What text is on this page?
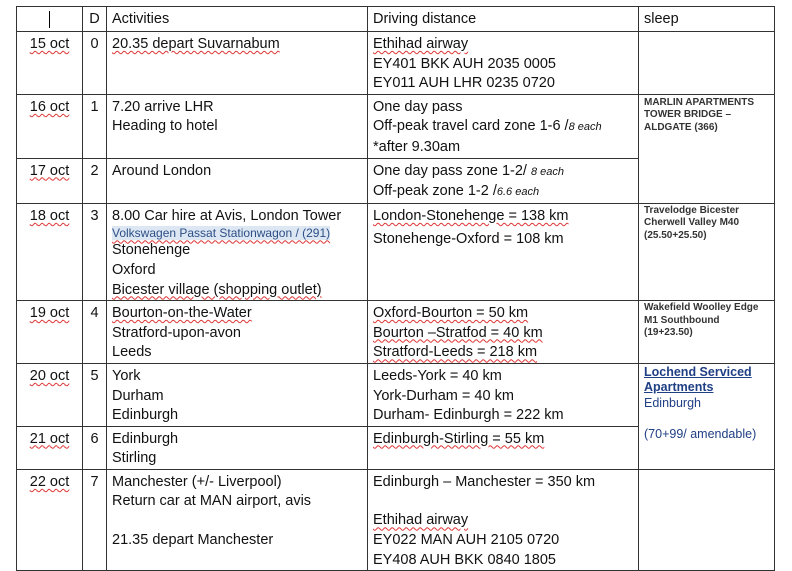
	D	Activities	Driving distance	sleep
15 oct	0	20.35 depart Suvarnabum	Ethihad airway
EY401 BKK AUH 2035 0005
EY011 AUH LHR 0235 0720	

16 oct	1	7.20 arrive LHR
Heading to hotel	One day pass
Off-peak travel card zone 1-6 /8 each
*after 9.30am	MARLIN APARTMENTS TOWER BRIDGE – ALDGATE (366)

17 oct	2	Around London	One day pass zone 1-2/ 8 each
Off-peak zone 1-2 /6.6 each	

18 oct	3	8.00 Car hire at Avis, London Tower
Volkswagen Passat Stationwagon / (291)
Stonehenge
Oxford
Bicester village (shopping outlet)	London-Stonehenge = 138 km
Stonehenge-Oxford = 108 km	Travelodge Bicester Cherwell Valley M40 (25.50+25.50)

19 oct	4	Bourton-on-the-Water
Stratford-upon-avon
Leeds	Oxford-Bourton = 50 km
Bourton –Stratfod = 40 km
Stratford-Leeds = 218 km	Wakefield Woolley Edge M1 Southbound (19+23.50)

20 oct	5	York
Durham
Edinburgh	Leeds-York = 40 km
York-Durham = 40 km
Durham- Edinburgh = 222 km	Lochend Serviced Apartments
Edinburgh

(70+99/ amendable)

21 oct	6	Edinburgh
Stirling	Edinburgh-Stirling = 55 km	

22 oct	7	Manchester (+/- Liverpool)
Return car at MAN airport, avis
21.35 depart Manchester	Edinburgh – Manchester = 350 km
Ethihad airway
EY022 MAN AUH 2105 0720
EY408 AUH BKK 0840 1805	
